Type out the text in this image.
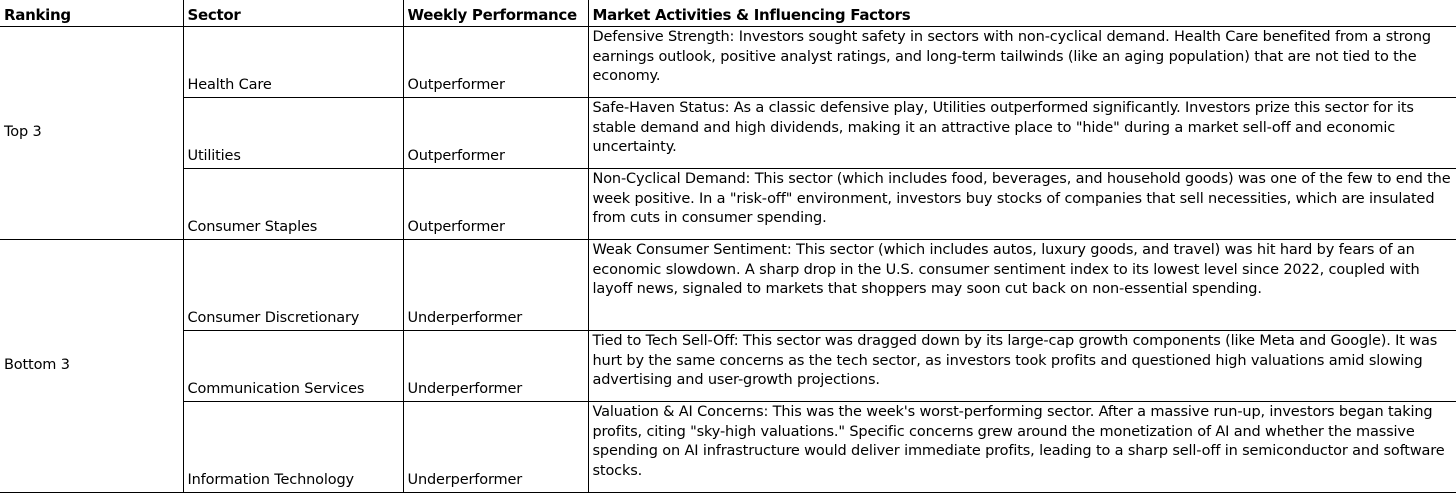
Ranking	Sector	Weekly Performance	Market Activities & Influencing Factors
Top 3	Health Care	Outperformer	Defensive Strength: Investors sought safety in sectors with non-cyclical demand. Health Care benefited from a strong earnings outlook, positive analyst ratings, and long-term tailwinds (like an aging population) that are not tied to the economy.
	Utilities	Outperformer	Safe-Haven Status: As a classic defensive play, Utilities outperformed significantly. Investors prize this sector for its stable demand and high dividends, making it an attractive place to "hide" during a market sell-off and economic uncertainty.
	Consumer Staples	Outperformer	Non-Cyclical Demand: This sector (which includes food, beverages, and household goods) was one of the few to end the week positive. In a "risk-off" environment, investors buy stocks of companies that sell necessities, which are insulated from cuts in consumer spending.
Bottom 3	Consumer Discretionary	Underperformer	Weak Consumer Sentiment: This sector (which includes autos, luxury goods, and travel) was hit hard by fears of an economic slowdown. A sharp drop in the U.S. consumer sentiment index to its lowest level since 2022, coupled with layoff news, signaled to markets that shoppers may soon cut back on non-essential spending.
	Communication Services	Underperformer	Tied to Tech Sell-Off: This sector was dragged down by its large-cap growth components (like Meta and Google). It was hurt by the same concerns as the tech sector, as investors took profits and questioned high valuations amid slowing advertising and user-growth projections.
	Information Technology	Underperformer	Valuation & AI Concerns: This was the week's worst-performing sector. After a massive run-up, investors began taking profits, citing "sky-high valuations." Specific concerns grew around the monetization of AI and whether the massive spending on AI infrastructure would deliver immediate profits, leading to a sharp sell-off in semiconductor and software stocks.
